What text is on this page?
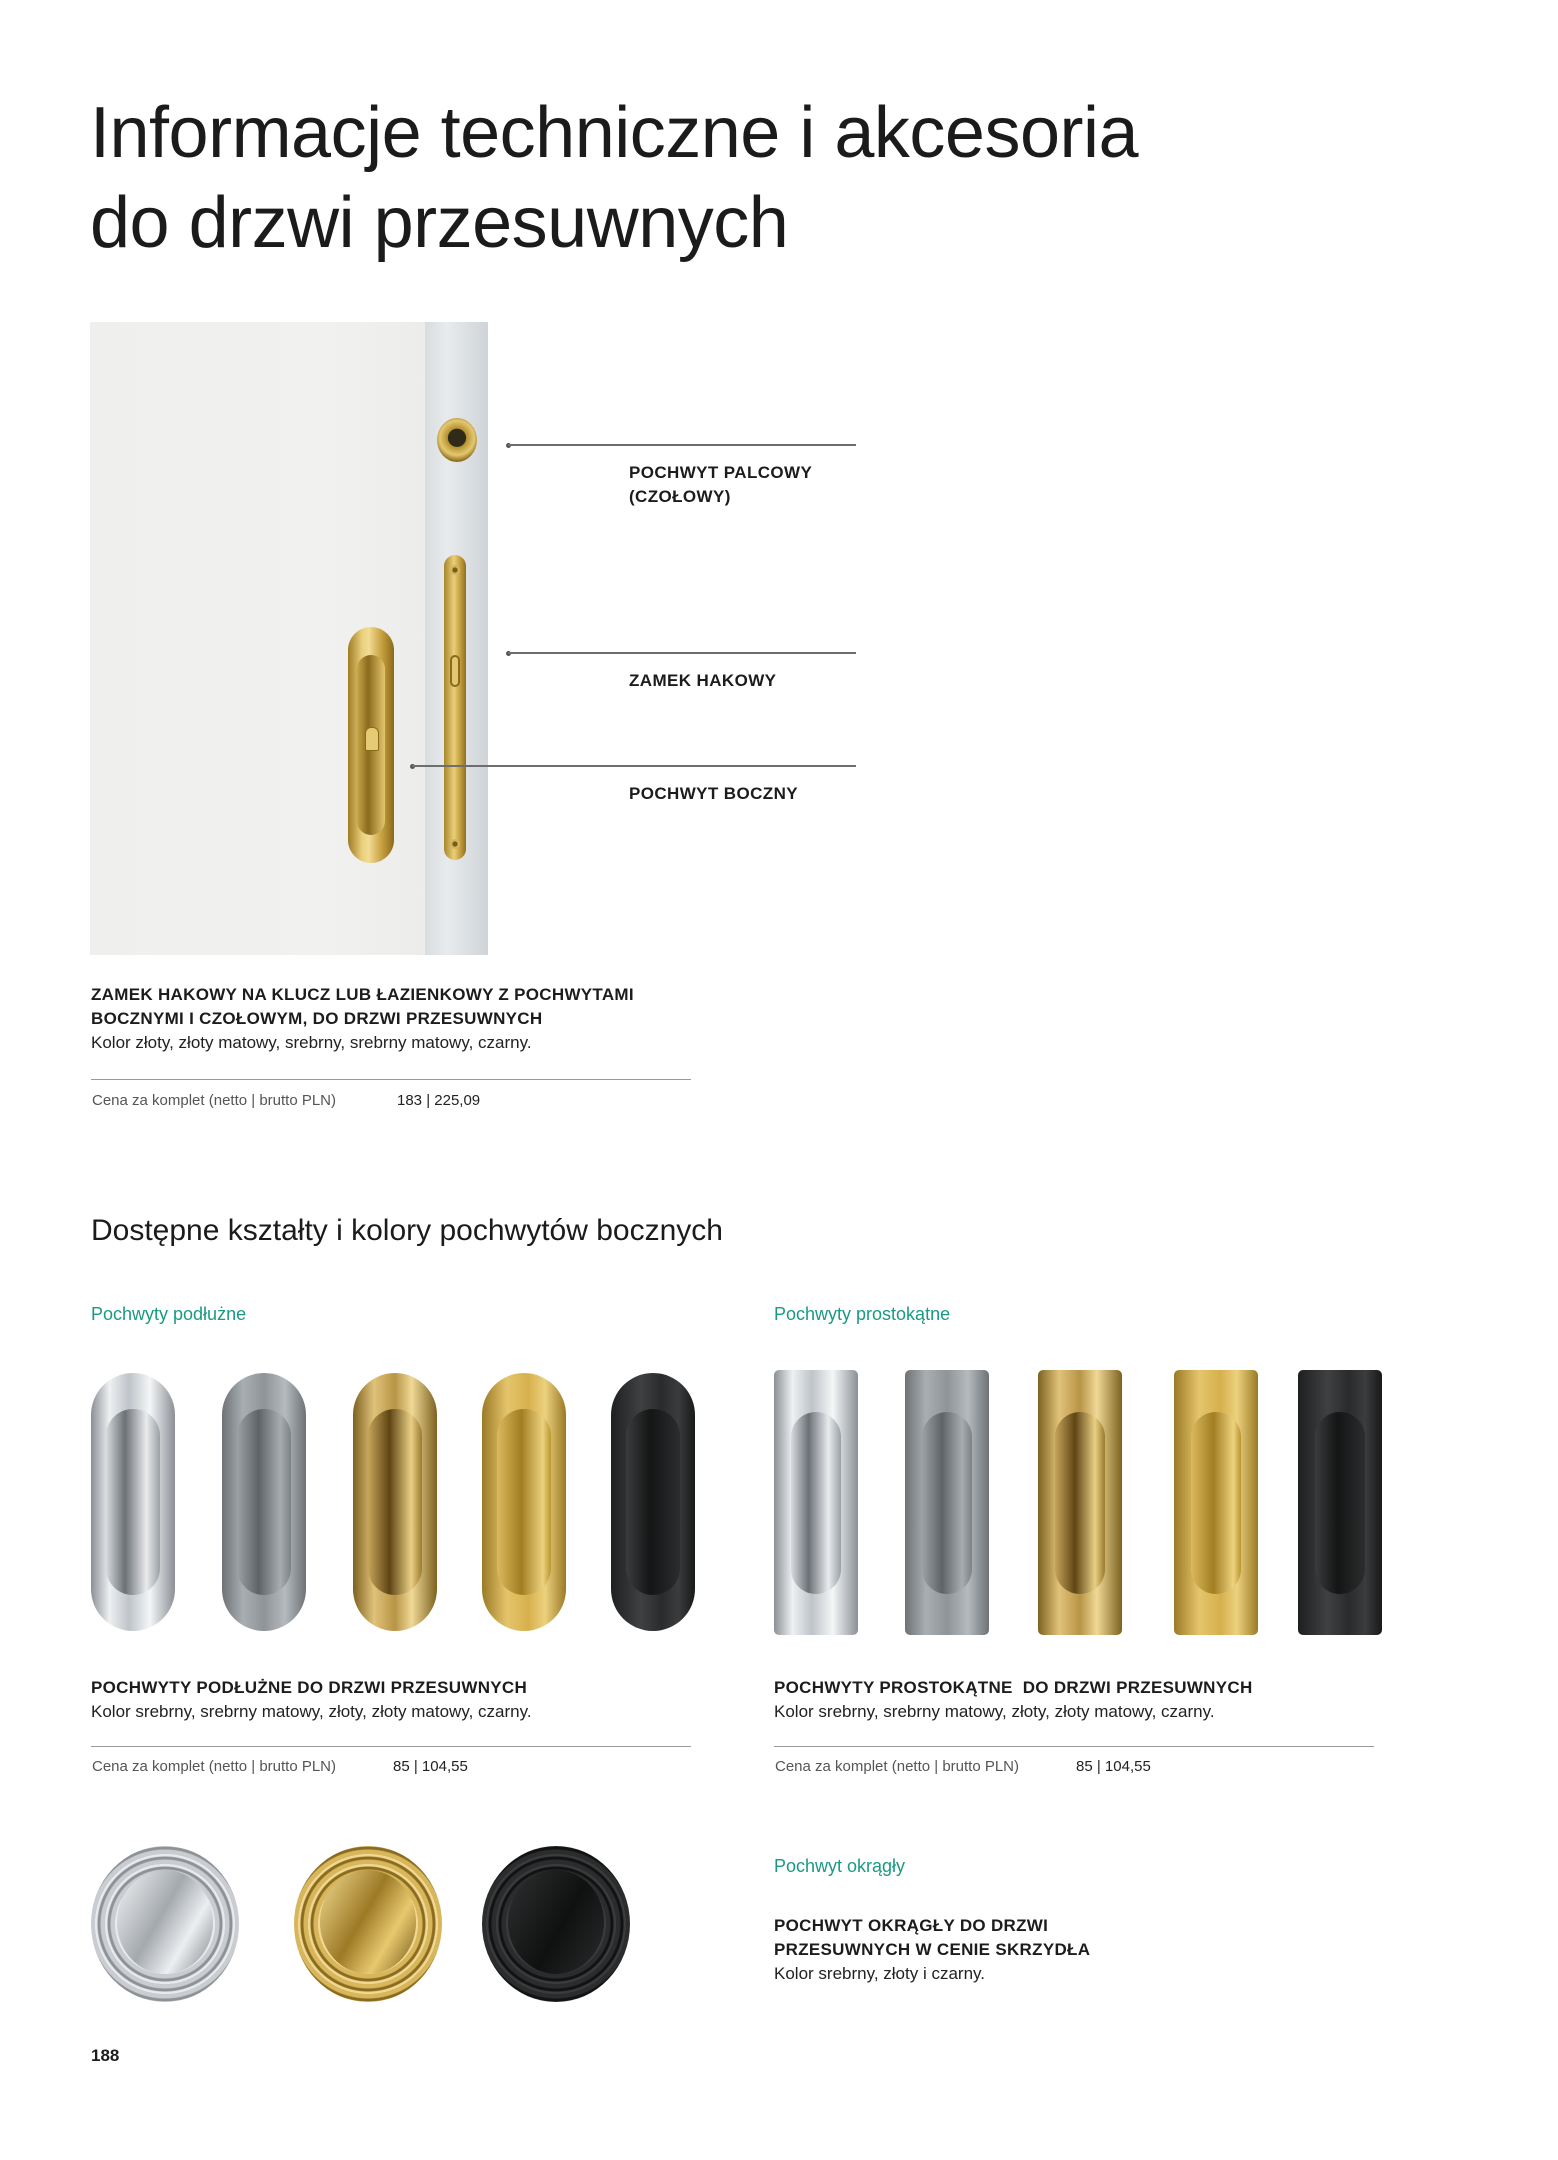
Informacje techniczne i akcesoria
do drzwi przesuwnych
POCHWYT PALCOWY
(CZOŁOWY)
ZAMEK HAKOWY
POCHWYT BOCZNY
ZAMEK HAKOWY NA KLUCZ LUB ŁAZIENKOWY Z POCHWYTAMI
BOCZNYMI I CZOŁOWYM, DO DRZWI PRZESUWNYCH
Kolor złoty, złoty matowy, srebrny, srebrny matowy, czarny.
Cena za komplet (netto | brutto PLN)	183 | 225,09
Dostępne kształty i kolory pochwytów bocznych
Pochwyty podłużne
POCHWYTY PODŁUŻNE DO DRZWI PRZESUWNYCH
Kolor srebrny, srebrny matowy, złoty, złoty matowy, czarny.
Cena za komplet (netto | brutto PLN)	85 | 104,55
Pochwyty prostokątne
POCHWYTY PROSTOKĄTNE  DO DRZWI PRZESUWNYCH
Kolor srebrny, srebrny matowy, złoty, złoty matowy, czarny.
Cena za komplet (netto | brutto PLN)	85 | 104,55
Pochwyt okrągły
POCHWYT OKRĄGŁY DO DRZWI
PRZESUWNYCH W CENIE SKRZYDŁA
Kolor srebrny, złoty i czarny.
188
